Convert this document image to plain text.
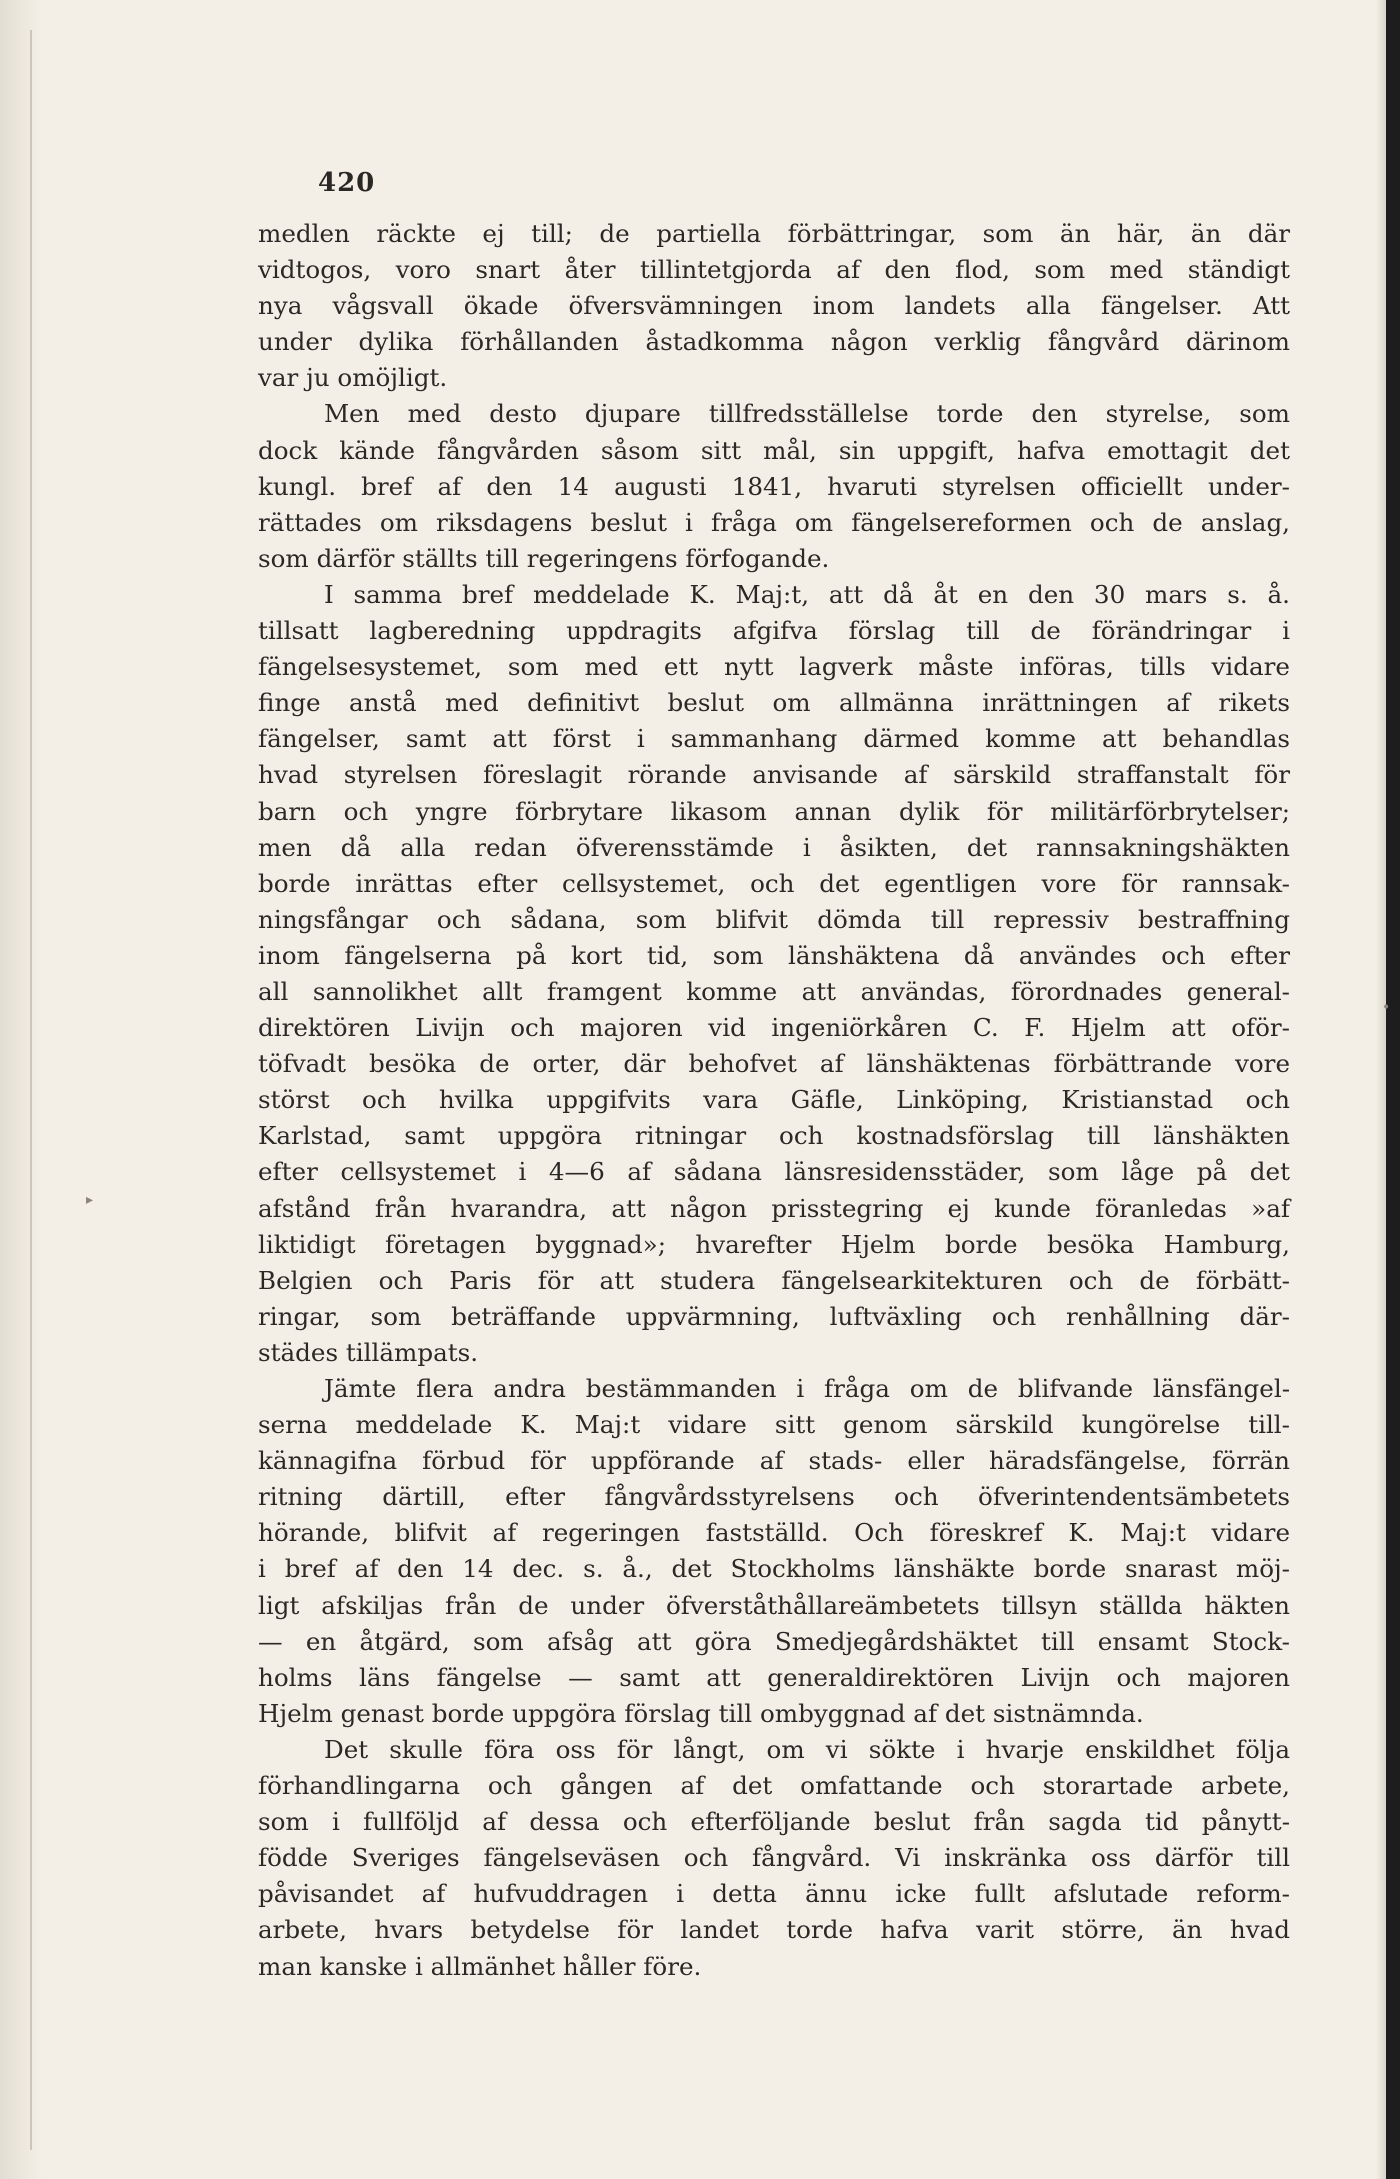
•
▸
420
medlen räckte ej till; de partiella förbättringar, som än här, än där
vidtogos, voro snart åter tillintetgjorda af den flod, som med ständigt
nya vågsvall ökade öfversvämningen inom landets alla fängelser. Att
under dylika förhållanden åstadkomma någon verklig fångvård därinom
var ju omöjligt.
Men med desto djupare tillfredsställelse torde den styrelse, som
dock kände fångvården såsom sitt mål, sin uppgift, hafva emottagit det
kungl. bref af den 14 augusti 1841, hvaruti styrelsen officiellt under-
rättades om riksdagens beslut i fråga om fängelsereformen och de anslag,
som därför ställts till regeringens förfogande.
I samma bref meddelade K. Maj:t, att då åt en den 30 mars s. å.
tillsatt lagberedning uppdragits afgifva förslag till de förändringar i
fängelsesystemet, som med ett nytt lagverk måste införas, tills vidare
finge anstå med definitivt beslut om allmänna inrättningen af rikets
fängelser, samt att först i sammanhang därmed komme att behandlas
hvad styrelsen föreslagit rörande anvisande af särskild straffanstalt för
barn och yngre förbrytare likasom annan dylik för militärförbrytelser;
men då alla redan öfverensstämde i åsikten, det rannsakningshäkten
borde inrättas efter cellsystemet, och det egentligen vore för rannsak-
ningsfångar och sådana, som blifvit dömda till repressiv bestraffning
inom fängelserna på kort tid, som länshäktena då användes och efter
all sannolikhet allt framgent komme att användas, förordnades general-
direktören Livijn och majoren vid ingeniörkåren C. F. Hjelm att oför-
töfvadt besöka de orter, där behofvet af länshäktenas förbättrande vore
störst och hvilka uppgifvits vara Gäfle, Linköping, Kristianstad och
Karlstad, samt uppgöra ritningar och kostnadsförslag till länshäkten
efter cellsystemet i 4—6 af sådana länsresidensstäder, som låge på det
afstånd från hvarandra, att någon prisstegring ej kunde föranledas »af
liktidigt företagen byggnad»; hvarefter Hjelm borde besöka Hamburg,
Belgien och Paris för att studera fängelsearkitekturen och de förbätt-
ringar, som beträffande uppvärmning, luftväxling och renhållning där-
städes tillämpats.
Jämte flera andra bestämmanden i fråga om de blifvande länsfängel-
serna meddelade K. Maj:t vidare sitt genom särskild kungörelse till-
kännagifna förbud för uppförande af stads- eller häradsfängelse, förrän
ritning därtill, efter fångvårdsstyrelsens och öfverintendentsämbetets
hörande, blifvit af regeringen fastställd. Och föreskref K. Maj:t vidare
i bref af den 14 dec. s. å., det Stockholms länshäkte borde snarast möj-
ligt afskiljas från de under öfverståthållareämbetets tillsyn ställda häkten
— en åtgärd, som afsåg att göra Smedjegårdshäktet till ensamt Stock-
holms läns fängelse — samt att generaldirektören Livijn och majoren
Hjelm genast borde uppgöra förslag till ombyggnad af det sistnämnda.
Det skulle föra oss för långt, om vi sökte i hvarje enskildhet följa
förhandlingarna och gången af det omfattande och storartade arbete,
som i fullföljd af dessa och efterföljande beslut från sagda tid pånytt-
födde Sveriges fängelseväsen och fångvård. Vi inskränka oss därför till
påvisandet af hufvuddragen i detta ännu icke fullt afslutade reform-
arbete, hvars betydelse för landet torde hafva varit större, än hvad
man kanske i allmänhet håller före.
